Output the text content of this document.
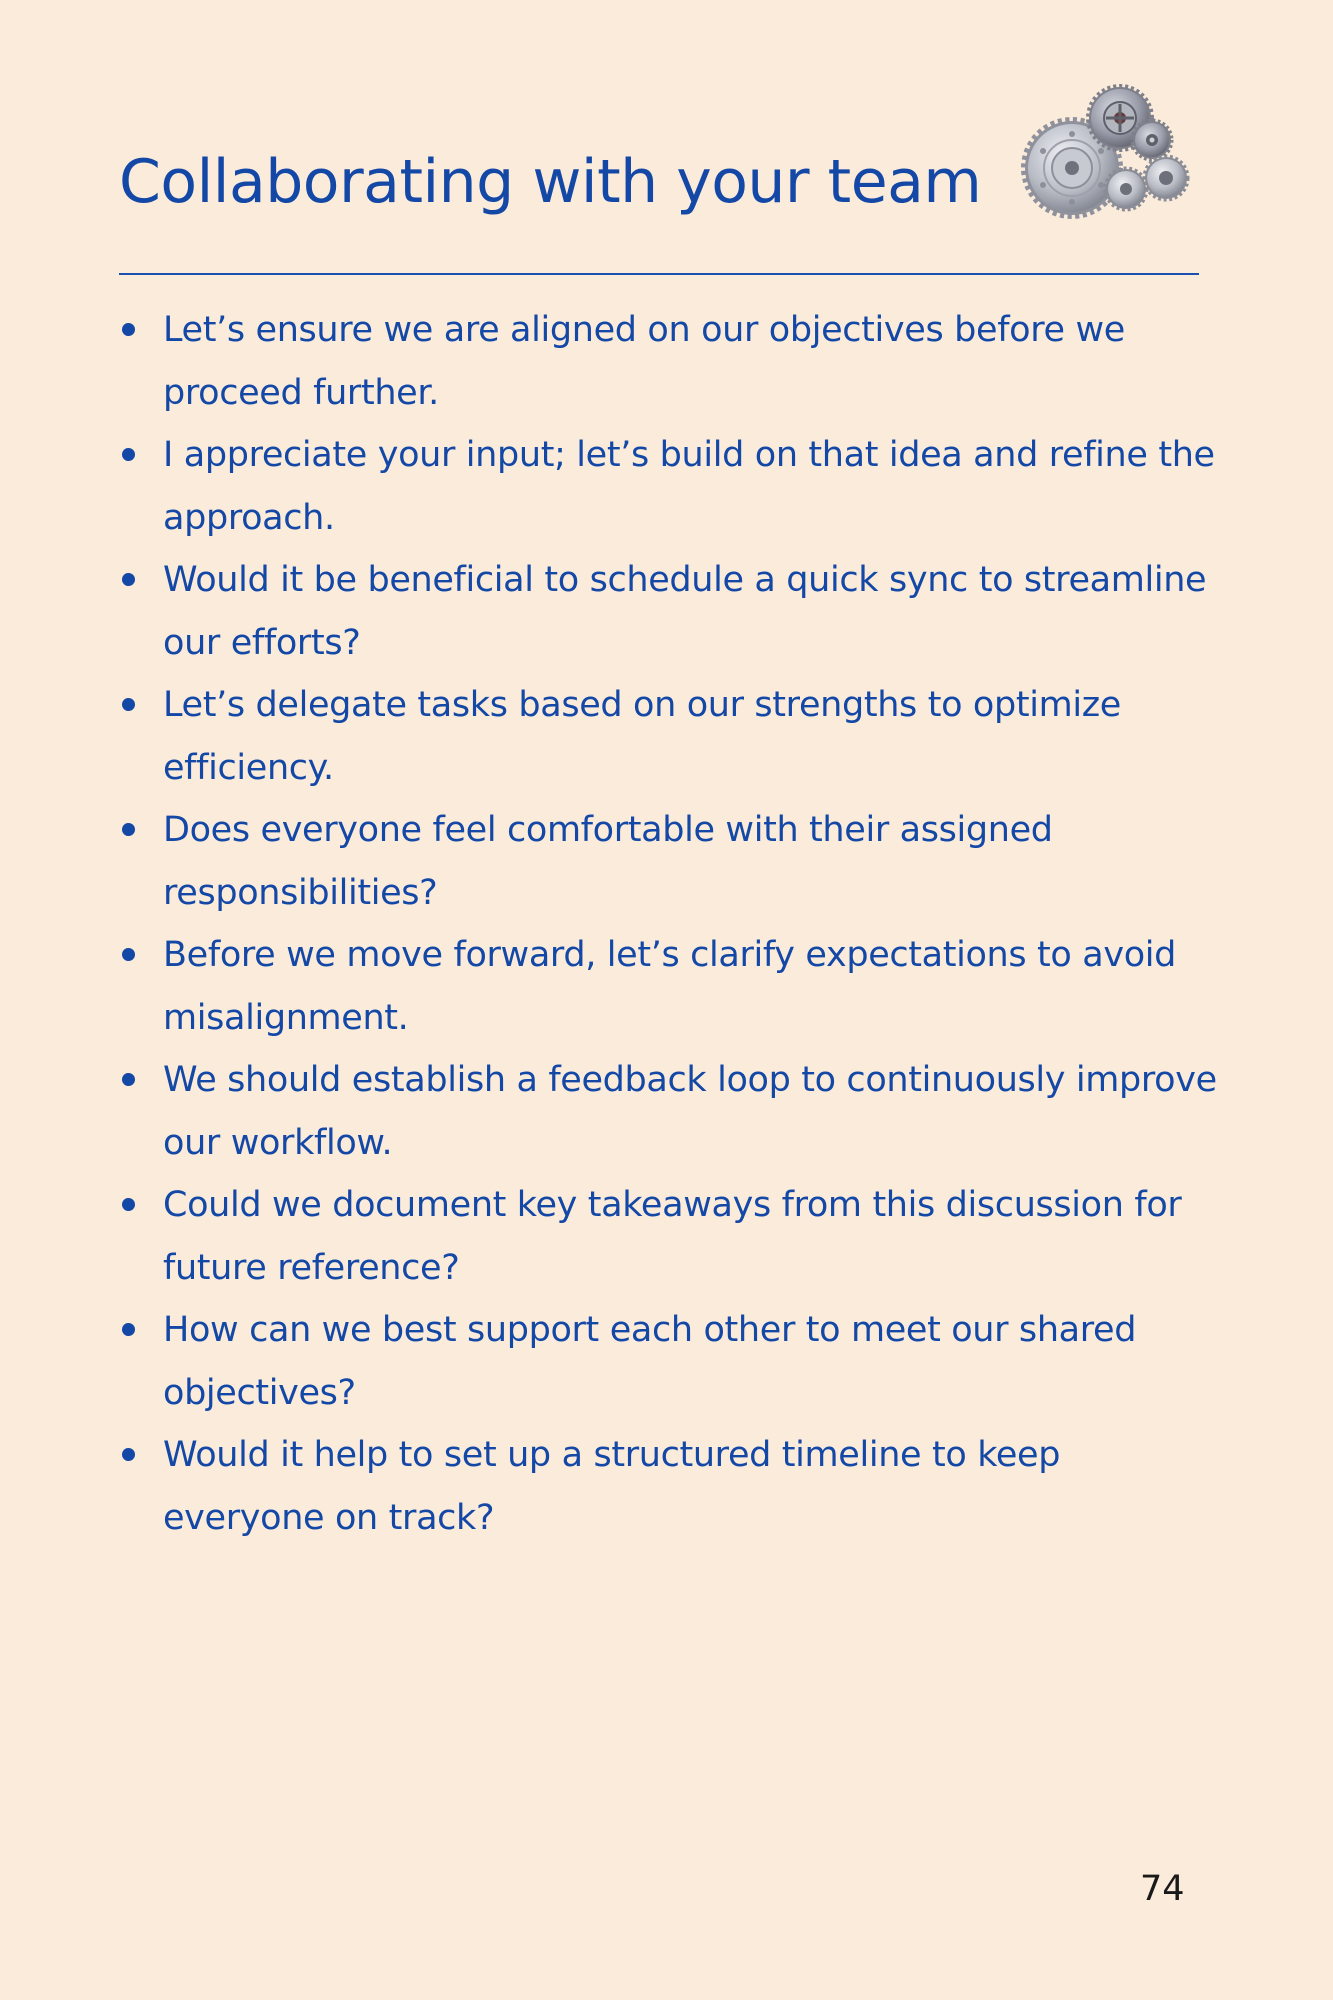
Collaborating with your team
Let’s ensure we are aligned on our objectives before we proceed further.
I appreciate your input; let’s build on that idea and refine the approach.
Would it be beneficial to schedule a quick sync to streamline our efforts?
Let’s delegate tasks based on our strengths to optimize efficiency.
Does everyone feel comfortable with their assigned responsibilities?
Before we move forward, let’s clarify expectations to avoid misalignment.
We should establish a feedback loop to continuously improve our workflow.
Could we document key takeaways from this discussion for future reference?
How can we best support each other to meet our shared objectives?
Would it help to set up a structured timeline to keep everyone on track?
74
